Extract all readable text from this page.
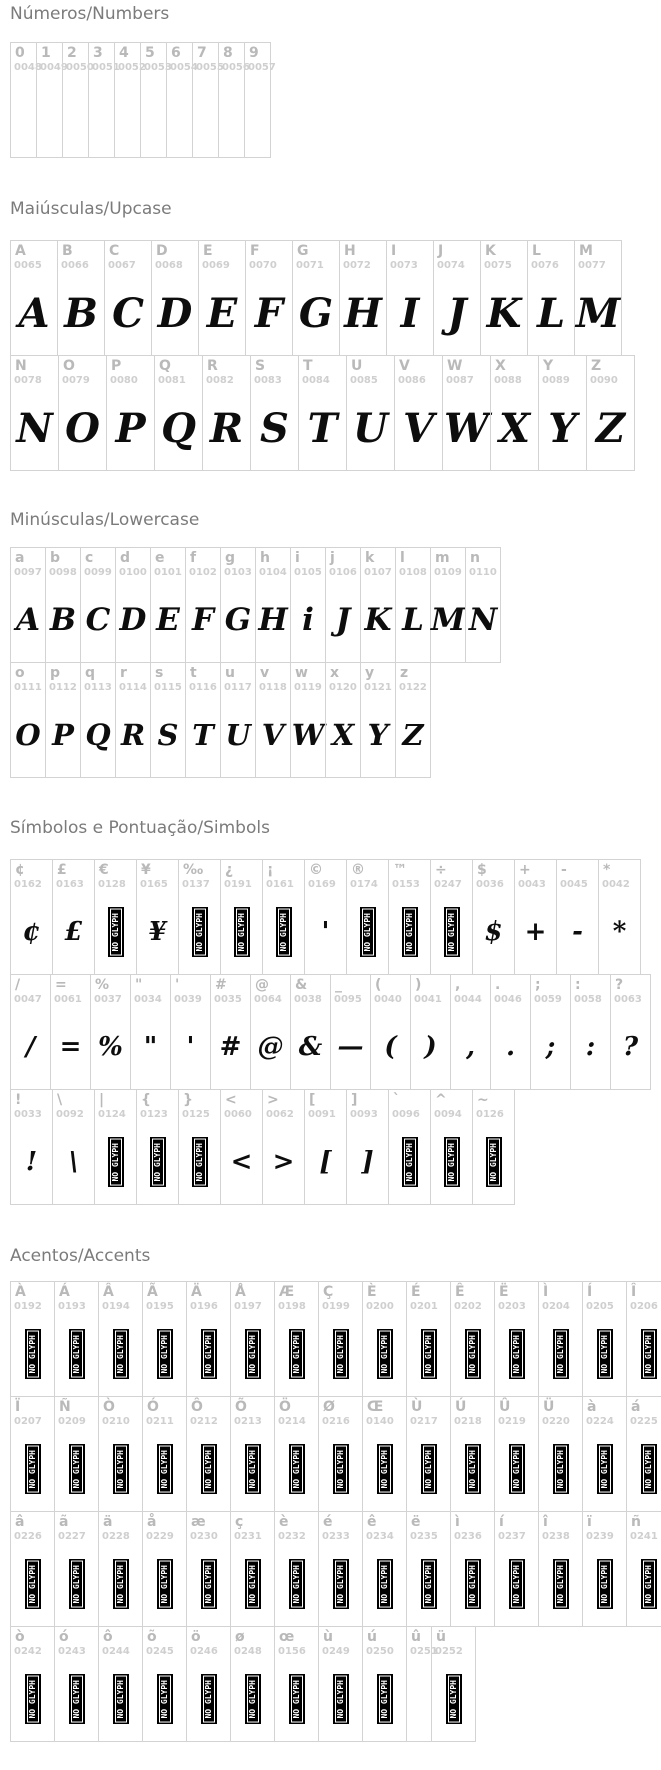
Números/Numbers
0
0048
1
0049
2
0050
3
0051
4
0052
5
0053
6
0054
7
0055
8
0056
9
0057
Maiúsculas/Upcase
A
0065
A
B
0066
B
C
0067
C
D
0068
D
E
0069
E
F
0070
F
G
0071
G
H
0072
H
I
0073
I
J
0074
J
K
0075
K
L
0076
L
M
0077
M
N
0078
N
O
0079
O
P
0080
P
Q
0081
Q
R
0082
R
S
0083
S
T
0084
T
U
0085
U
V
0086
V
W
0087
W
X
0088
X
Y
0089
Y
Z
0090
Z
Minúsculas/Lowercase
a
0097
A
b
0098
B
c
0099
C
d
0100
D
e
0101
E
f
0102
F
g
0103
G
h
0104
H
i
0105
i
j
0106
J
k
0107
K
l
0108
L
m
0109
M
n
0110
N
o
0111
O
p
0112
P
q
0113
Q
r
0114
R
s
0115
S
t
0116
T
u
0117
U
v
0118
V
w
0119
W
x
0120
X
y
0121
Y
z
0122
Z
Símbolos e Pontuação/Simbols
¢
0162
¢
£
0163
£
€
0128
NO GLYPH
¥
0165
¥
‰
0137
NO GLYPH
¿
0191
NO GLYPH
¡
0161
NO GLYPH
©
0169
'
®
0174
NO GLYPH
™
0153
NO GLYPH
÷
0247
NO GLYPH
$
0036
$
+
0043
+
-
0045
-
*
0042
*
/
0047
/
=
0061
=
%
0037
%
"
0034
"
'
0039
'
#
0035
#
@
0064
@
&
0038
&
_
0095
—
(
0040
(
)
0041
)
,
0044
,
.
0046
.
;
0059
;
:
0058
:
?
0063
?
!
0033
!
\
0092
\
|
0124
NO GLYPH
{
0123
NO GLYPH
}
0125
NO GLYPH
<
0060
<
>
0062
>
[
0091
[
]
0093
]
`
0096
NO GLYPH
^
0094
NO GLYPH
~
0126
NO GLYPH
Acentos/Accents
À
0192
NO GLYPH
Á
0193
NO GLYPH
Â
0194
NO GLYPH
Ã
0195
NO GLYPH
Ä
0196
NO GLYPH
Å
0197
NO GLYPH
Æ
0198
NO GLYPH
Ç
0199
NO GLYPH
È
0200
NO GLYPH
É
0201
NO GLYPH
Ê
0202
NO GLYPH
Ë
0203
NO GLYPH
Ì
0204
NO GLYPH
Í
0205
NO GLYPH
Î
0206
NO GLYPH
Ï
0207
NO GLYPH
Ñ
0209
NO GLYPH
Ò
0210
NO GLYPH
Ó
0211
NO GLYPH
Ô
0212
NO GLYPH
Õ
0213
NO GLYPH
Ö
0214
NO GLYPH
Ø
0216
NO GLYPH
Œ
0140
NO GLYPH
Ù
0217
NO GLYPH
Ú
0218
NO GLYPH
Û
0219
NO GLYPH
Ü
0220
NO GLYPH
à
0224
NO GLYPH
á
0225
NO GLYPH
â
0226
NO GLYPH
ã
0227
NO GLYPH
ä
0228
NO GLYPH
å
0229
NO GLYPH
æ
0230
NO GLYPH
ç
0231
NO GLYPH
è
0232
NO GLYPH
é
0233
NO GLYPH
ê
0234
NO GLYPH
ë
0235
NO GLYPH
ì
0236
NO GLYPH
í
0237
NO GLYPH
î
0238
NO GLYPH
ï
0239
NO GLYPH
ñ
0241
NO GLYPH
ò
0242
NO GLYPH
ó
0243
NO GLYPH
ô
0244
NO GLYPH
õ
0245
NO GLYPH
ö
0246
NO GLYPH
ø
0248
NO GLYPH
œ
0156
NO GLYPH
ù
0249
NO GLYPH
ú
0250
NO GLYPH
û
0251
ü
0252
NO GLYPH
